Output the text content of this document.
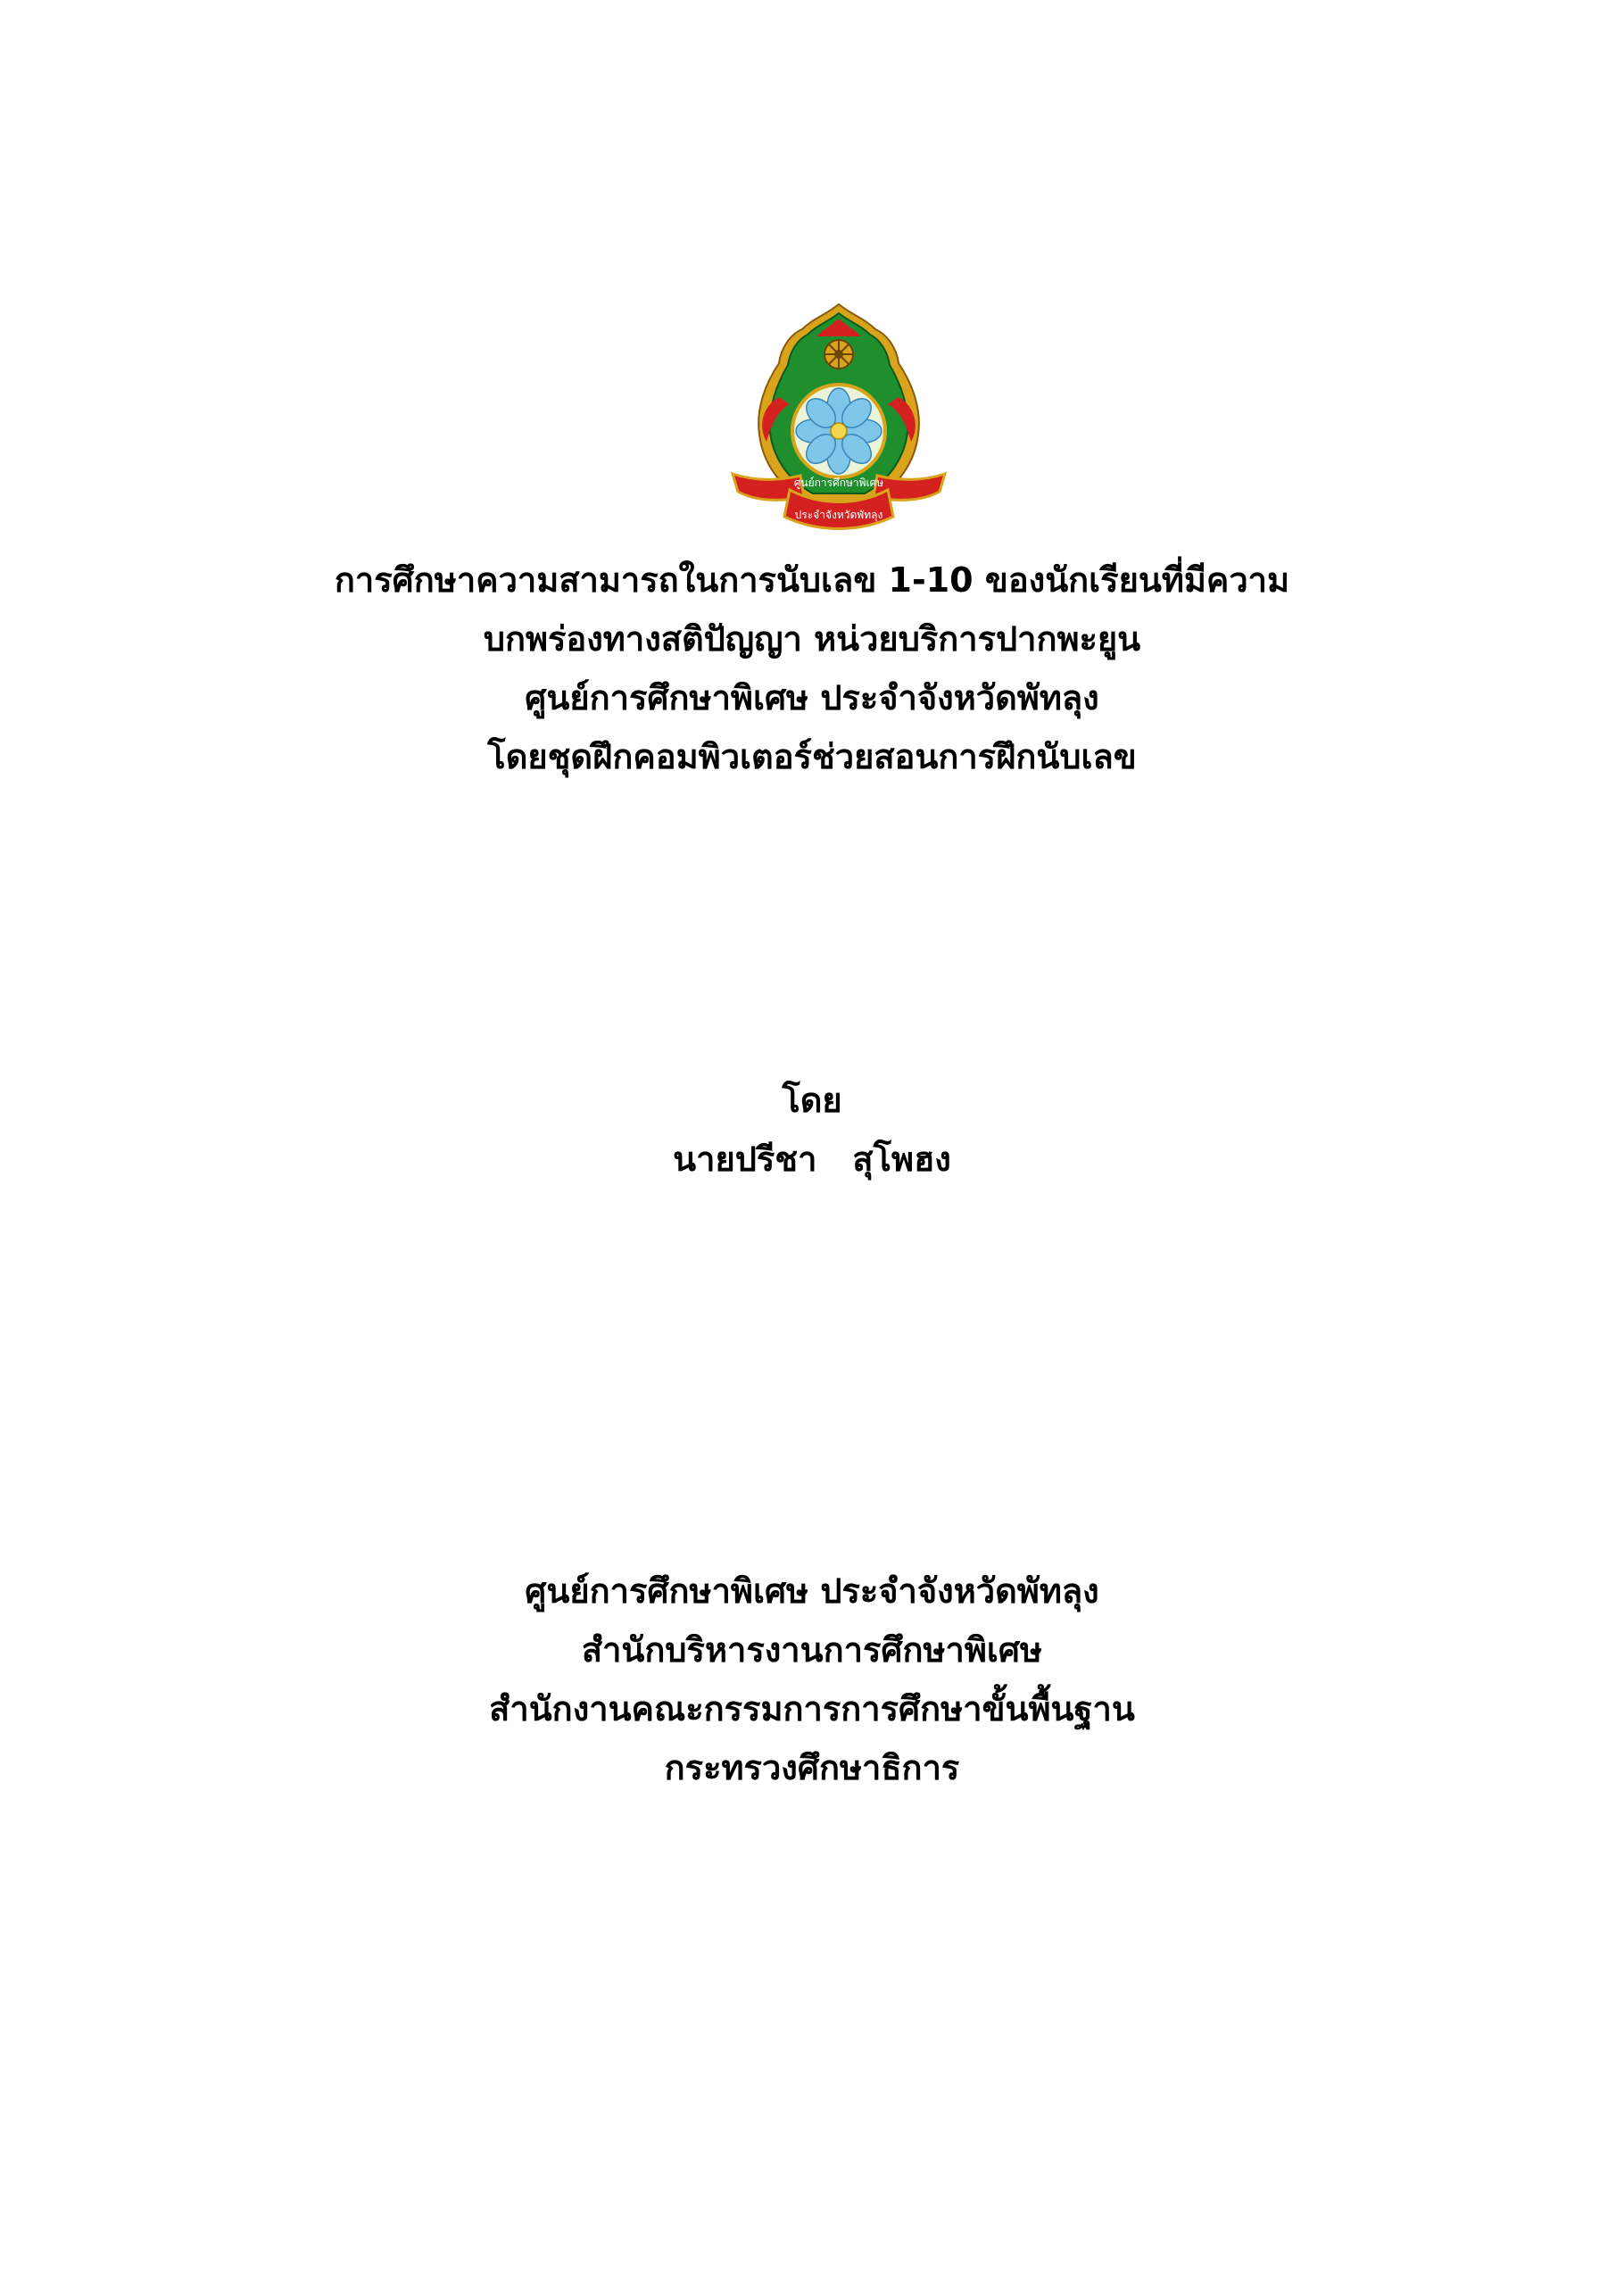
ศูนย์การศึกษาพิเศษ
ประจำจังหวัดพัทลุง
การศึกษาความสามารถในการนับเลข 1-10 ของนักเรียนที่มีความ
บกพร่องทางสติปัญญา หน่วยบริการปากพะยูน
ศูนย์การศึกษาพิเศษ ประจำจังหวัดพัทลุง
โดยชุดฝึกคอมพิวเตอร์ช่วยสอนการฝึกนับเลข
โดย
นายปรีชา สุโพฮง
ศูนย์การศึกษาพิเศษ ประจำจังหวัดพัทลุง
สำนักบริหารงานการศึกษาพิเศษ
สำนักงานคณะกรรมการการศึกษาขั้นพื้นฐาน
กระทรวงศึกษาธิการ
